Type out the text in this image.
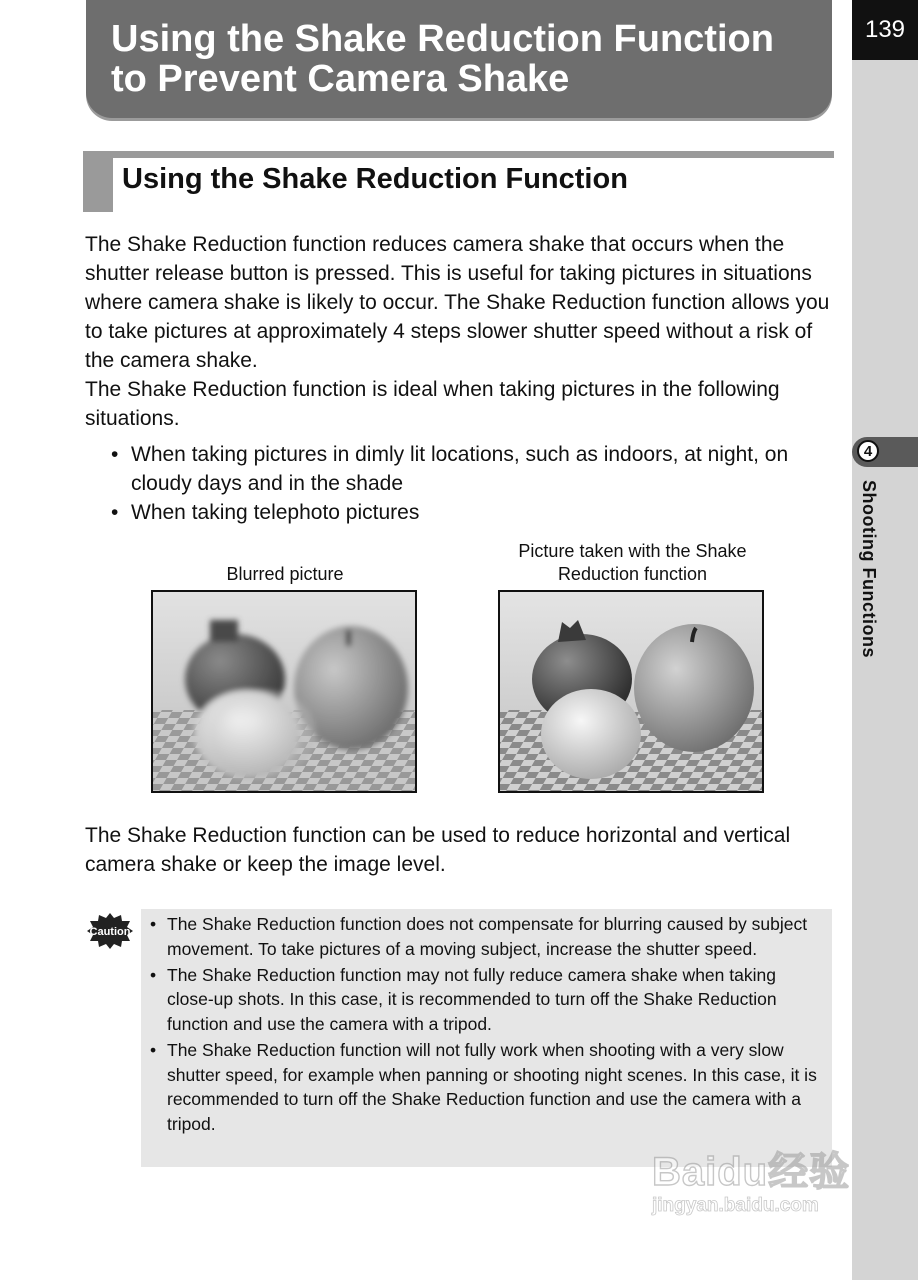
139
4
Shooting Functions
Using the Shake Reduction Function
to Prevent Camera Shake
Using the Shake Reduction Function

The Shake Reduction function reduces camera shake that occurs when the shutter release button is pressed. This is useful for taking pictures in situations where camera shake is likely to occur. The Shake Reduction function allows you to take pictures at approximately 4 steps slower shutter speed without a risk of the camera shake.

The Shake Reduction function is ideal when taking pictures in the following situations.

• When taking pictures in dimly lit locations, such as indoors, at night, on cloudy days and in the shade
• When taking telephoto pictures
Blurred picture
Picture taken with the Shake
Reduction function

The Shake Reduction function can be used to reduce horizontal and vertical camera shake or keep the image level.

Caution
•	The Shake Reduction function does not compensate for blurring caused by subject movement. To take pictures of a moving subject, increase the shutter speed.
• The Shake Reduction function may not fully reduce camera shake when taking close-up shots. In this case, it is recommended to turn off the Shake Reduction function and use the camera with a tripod.
• The Shake Reduction function will not fully work when shooting with a very slow shutter speed, for example when panning or shooting night scenes. In this case, it is recommended to turn off the Shake Reduction function and use the camera with a tripod.
Baidu经验
jingyan.baidu.com
